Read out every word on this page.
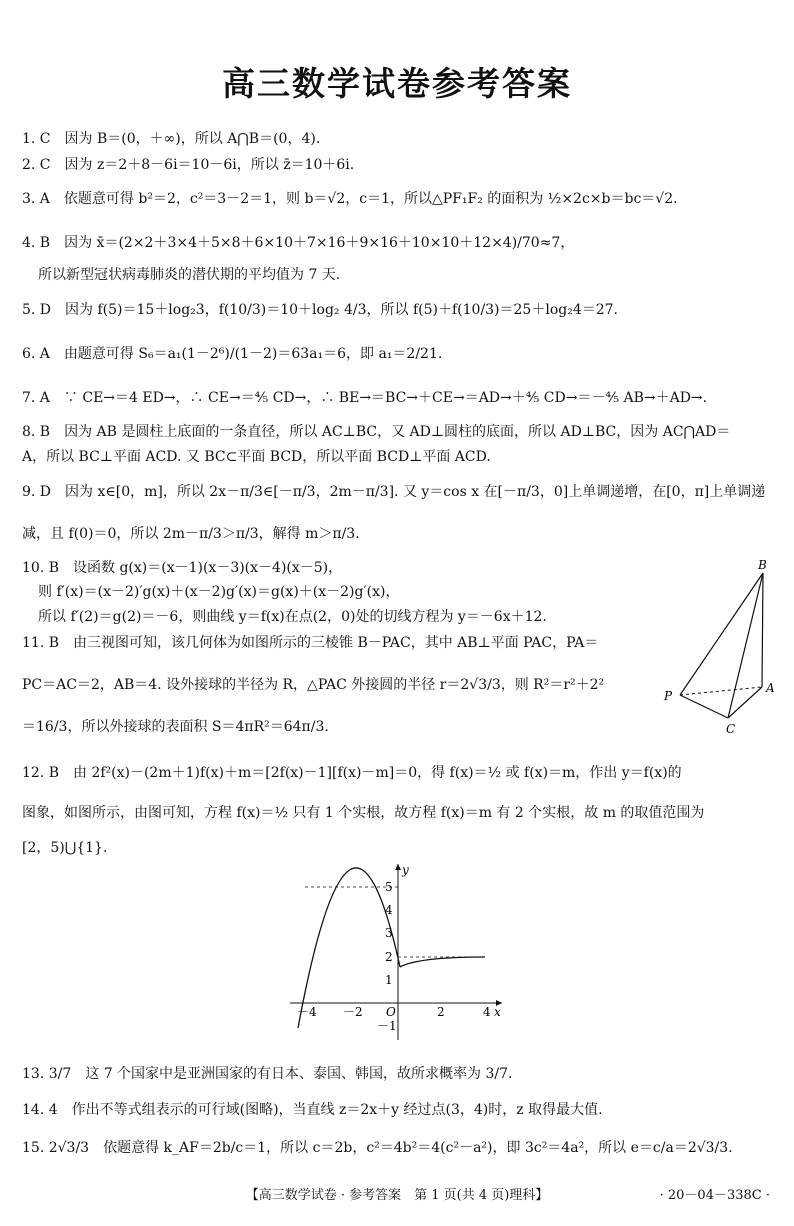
高三数学试卷参考答案
1. C　因为 B＝(0，＋∞)，所以 A⋂B＝(0，4).
2. C　因为 z＝2＋8－6i＝10－6i，所以 z̄＝10＋6i.
3. A　依题意可得 b²＝2，c²＝3－2＝1，则 b＝√2，c＝1，所以△PF₁F₂ 的面积为 ½×2c×b＝bc＝√2.
4. B　因为 x̄＝(2×2＋3×4＋5×8＋6×10＋7×16＋9×16＋10×10＋12×4)/70≈7，
所以新型冠状病毒肺炎的潜伏期的平均值为 7 天.
5. D　因为 f(5)＝15＋log₂3，f(10/3)＝10＋log₂ 4/3，所以 f(5)＋f(10/3)＝25＋log₂4＝27.
6. A　由题意可得 S₆＝a₁(1－2⁶)/(1－2)＝63a₁＝6，即 a₁＝2/21.
7. A　∵ CE→＝4 ED→，∴ CE→＝⅘ CD→，∴ BE→＝BC→＋CE→＝AD→＋⅘ CD→＝－⅘ AB→＋AD→.
8. B　因为 AB 是圆柱上底面的一条直径，所以 AC⊥BC，又 AD⊥圆柱的底面，所以 AD⊥BC，因为 AC⋂AD＝
A，所以 BC⊥平面 ACD. 又 BC⊂平面 BCD，所以平面 BCD⊥平面 ACD.
9. D　因为 x∈[0，m]，所以 2x－π/3∈[－π/3，2m－π/3]. 又 y＝cos x 在[－π/3，0]上单调递增，在[0，π]上单调递
减，且 f(0)＝0，所以 2m－π/3＞π/3，解得 m＞π/3.
10. B　设函数 g(x)＝(x－1)(x－3)(x－4)(x－5)，
则 f′(x)＝(x－2)′g(x)＋(x－2)g′(x)＝g(x)＋(x－2)g′(x)，
所以 f′(2)＝g(2)＝－6，则曲线 y＝f(x)在点(2，0)处的切线方程为 y＝－6x＋12.
11. B　由三视图可知，该几何体为如图所示的三棱锥 B－PAC，其中 AB⊥平面 PAC，PA＝
PC＝AC＝2，AB＝4. 设外接球的半径为 R，△PAC 外接圆的半径 r＝2√3/3，则 R²＝r²＋2²
＝16/3，所以外接球的表面积 S＝4πR²＝64π/3.
12. B　由 2f²(x)－(2m＋1)f(x)＋m＝[2f(x)－1][f(x)－m]＝0，得 f(x)＝½ 或 f(x)＝m，作出 y＝f(x)的
图象，如图所示，由图可知，方程 f(x)＝½ 只有 1 个实根，故方程 f(x)＝m 有 2 个实根，故 m 的取值范围为
[2，5)⋃{1}.
13. 3/7　这 7 个国家中是亚洲国家的有日本、泰国、韩国，故所求概率为 3/7.
14. 4　作出不等式组表示的可行域(图略)，当直线 z＝2x＋y 经过点(3，4)时，z 取得最大值.
15. 2√3/3　依题意得 k_AF＝2b/c＝1，所以 c＝2b，c²＝4b²＝4(c²－a²)，即 3c²＝4a²，所以 e＝c/a＝2√3/3.
B
P
A
C
y
x
O
－4 －2	2	4
5
4
3
2
1
－1
【高三数学试卷 · 参考答案　第 1 页(共 4 页)理科】	· 20－04－338C ·
